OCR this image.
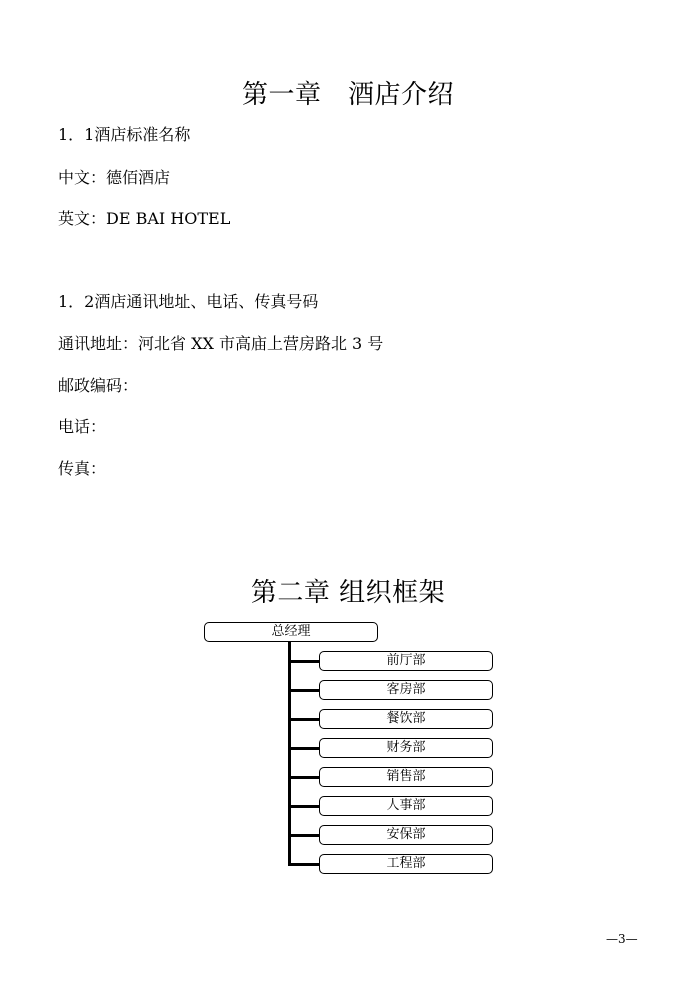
第一章　酒店介绍
1．1酒店标准名称
中文：德佰酒店
英文：DE BAI HOTEL
1．2酒店通讯地址、电话、传真号码
通讯地址：河北省 XX 市高庙上营房路北 3 号
邮政编码：
电话：
传真：
第二章 组织框架
总经理
前厅部
客房部
餐饮部
财务部
销售部
人事部
安保部
工程部
—3—
